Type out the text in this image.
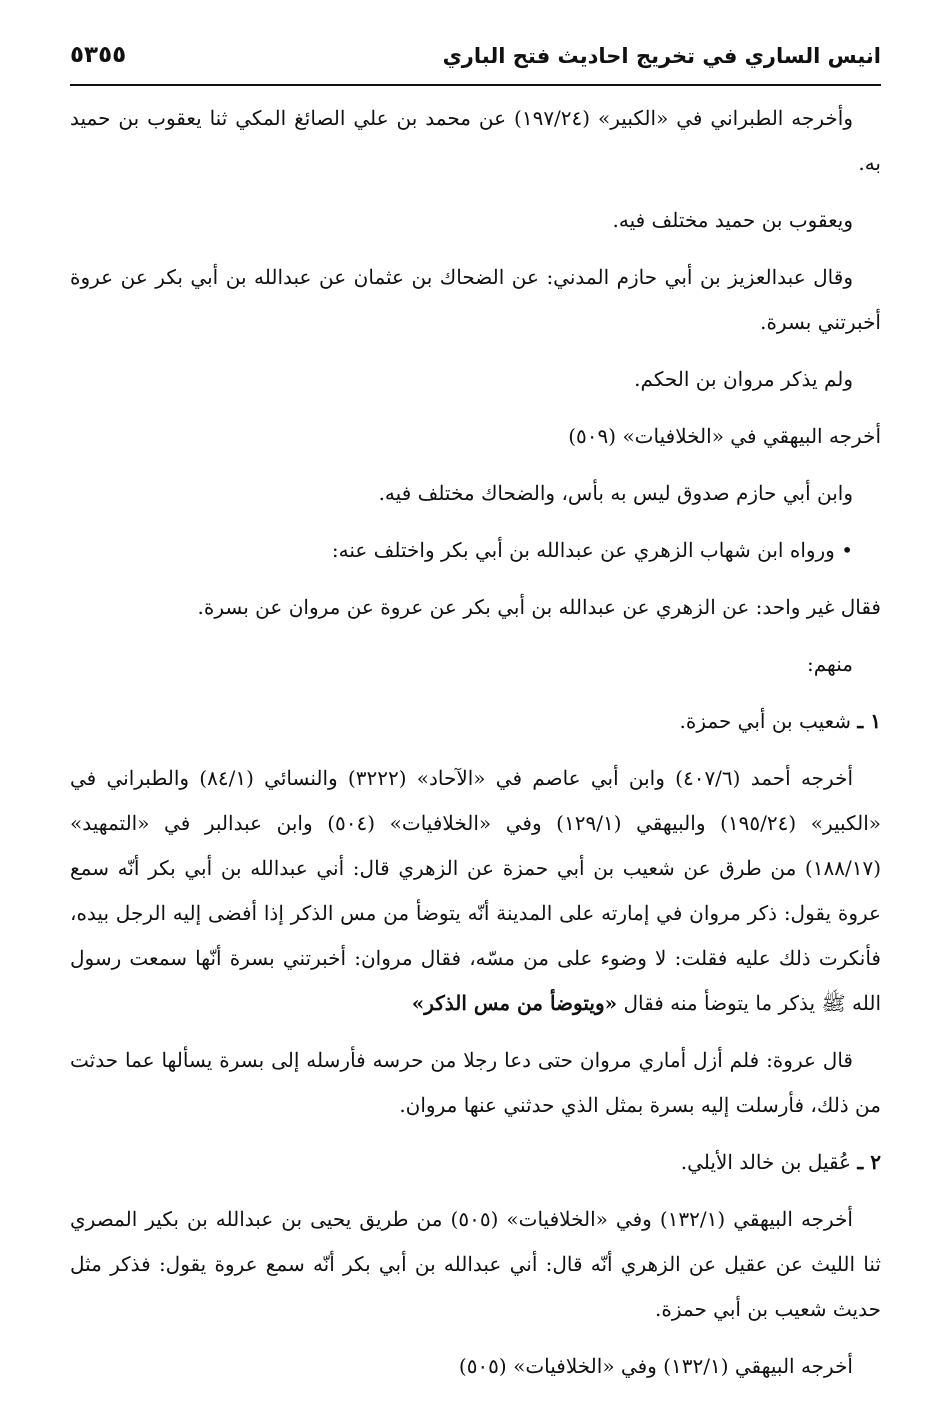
انيس الساري في تخريج احاديث فتح الباري
٥٣٥٥

وأخرجه الطبراني في «الكبير» (١٩٧/٢٤) عن محمد بن علي الصائغ المكي ثنا يعقوب بن حميد به.

ويعقوب بن حميد مختلف فيه.

وقال عبدالعزيز بن أبي حازم المدني: عن الضحاك بن عثمان عن عبدالله بن أبي بكر عن عروة أخبرتني بسرة.

ولم يذكر مروان بن الحكم.

أخرجه البيهقي في «الخلافيات» (٥٠٩)

وابن أبي حازم صدوق ليس به بأس، والضحاك مختلف فيه.

• ورواه ابن شهاب الزهري عن عبدالله بن أبي بكر واختلف عنه:

فقال غير واحد: عن الزهري عن عبدالله بن أبي بكر عن عروة عن مروان عن بسرة.

منهم:

١ ـ شعيب بن أبي حمزة.

أخرجه أحمد (٤٠٧/٦) وابن أبي عاصم في «الآحاد» (٣٢٢٢) والنسائي (٨٤/١) والطبراني في «الكبير» (١٩٥/٢٤) والبيهقي (١٢٩/١) وفي «الخلافيات» (٥٠٤) وابن عبدالبر في «التمهيد» (١٨٨/١٧) من طرق عن شعيب بن أبي حمزة عن الزهري قال: أني عبدالله بن أبي بكر أنّه سمع عروة يقول: ذكر مروان في إمارته على المدينة أنّه يتوضأ من مس الذكر إذا أفضى إليه الرجل بيده، فأنكرت ذلك عليه فقلت: لا وضوء على من مسّه، فقال مروان: أخبرتني بسرة أنّها سمعت رسول الله ﷺ يذكر ما يتوضأ منه فقال «ويتوضأ من مس الذكر»

قال عروة: فلم أزل أماري مروان حتى دعا رجلا من حرسه فأرسله إلى بسرة يسألها عما حدثت من ذلك، فأرسلت إليه بسرة بمثل الذي حدثني عنها مروان.

٢ ـ عُقيل بن خالد الأيلي.

أخرجه البيهقي (١٣٢/١) وفي «الخلافيات» (٥٠٥) من طريق يحيى بن عبدالله بن بكير المصري ثنا الليث عن عقيل عن الزهري أنّه قال: أني عبدالله بن أبي بكر أنّه سمع عروة يقول: فذكر مثل حديث شعيب بن أبي حمزة.

أخرجه البيهقي (١٣٢/١) وفي «الخلافيات» (٥٠٥)
